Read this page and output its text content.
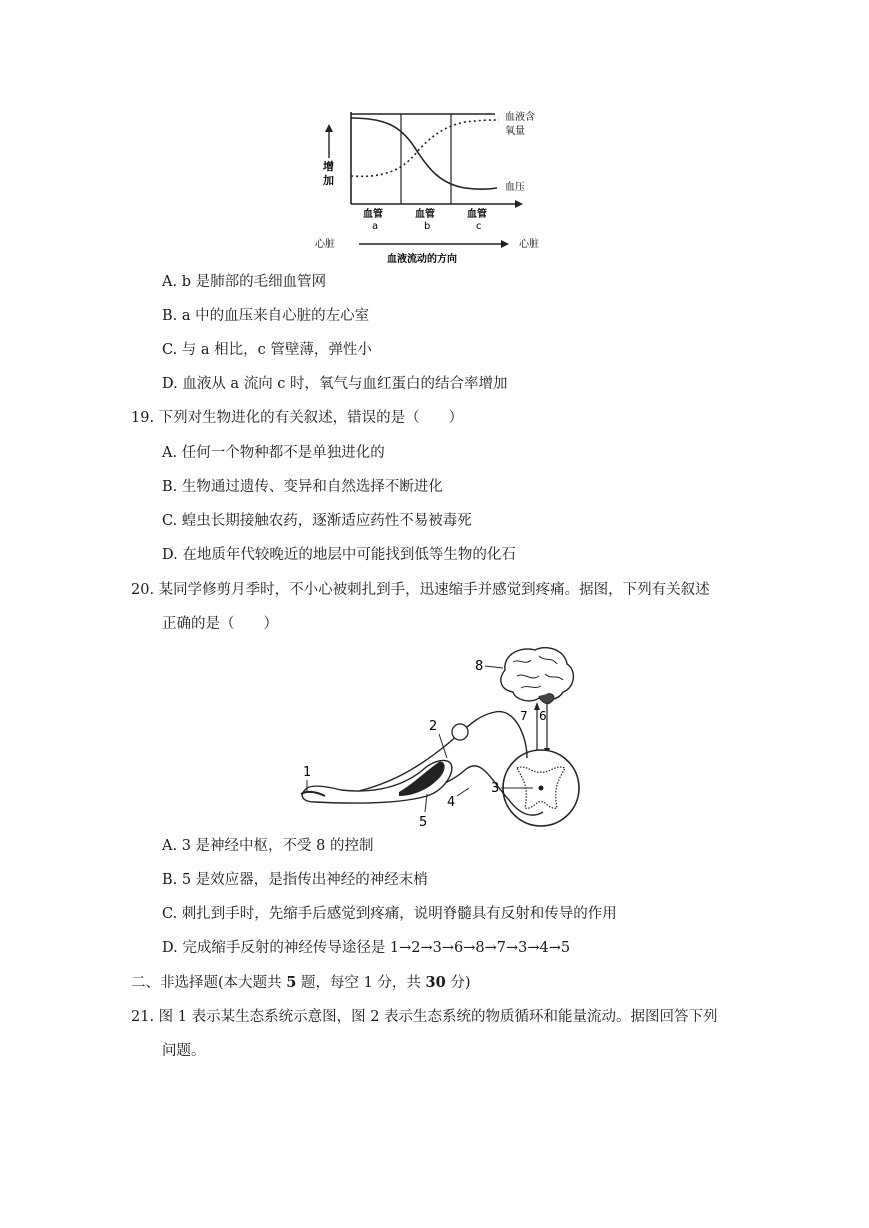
增
加
血液含
氧量
血压
血管
a
血管
b
血管
c
心脏	心脏
血液流动的方向
A. b 是肺部的毛细血管网
B. a 中的血压来自心脏的左心室
C. 与 a 相比，c 管壁薄，弹性小
D. 血液从 a 流向 c 时，氧气与血红蛋白的结合率增加
19. 下列对生物进化的有关叙述，错误的是（　　）
A. 任何一个物种都不是单独进化的
B. 生物通过遗传、变异和自然选择不断进化
C. 蝗虫长期接触农药，逐渐适应药性不易被毒死
D. 在地质年代较晚近的地层中可能找到低等生物的化石
20. 某同学修剪月季时，不小心被刺扎到手，迅速缩手并感觉到疼痛。据图，下列有关叙述
正确的是（　　）
8
7 6
3
2
1
5
4
A. 3 是神经中枢，不受 8 的控制
B. 5 是效应器，是指传出神经的神经末梢
C. 刺扎到手时，先缩手后感觉到疼痛，说明脊髓具有反射和传导的作用
D. 完成缩手反射的神经传导途径是 1→2→3→6→8→7→3→4→5
二、非选择题(本大题共 5 题，每空 1 分，共 30 分)
21. 图 1 表示某生态系统示意图，图 2 表示生态系统的物质循环和能量流动。据图回答下列
问题。
